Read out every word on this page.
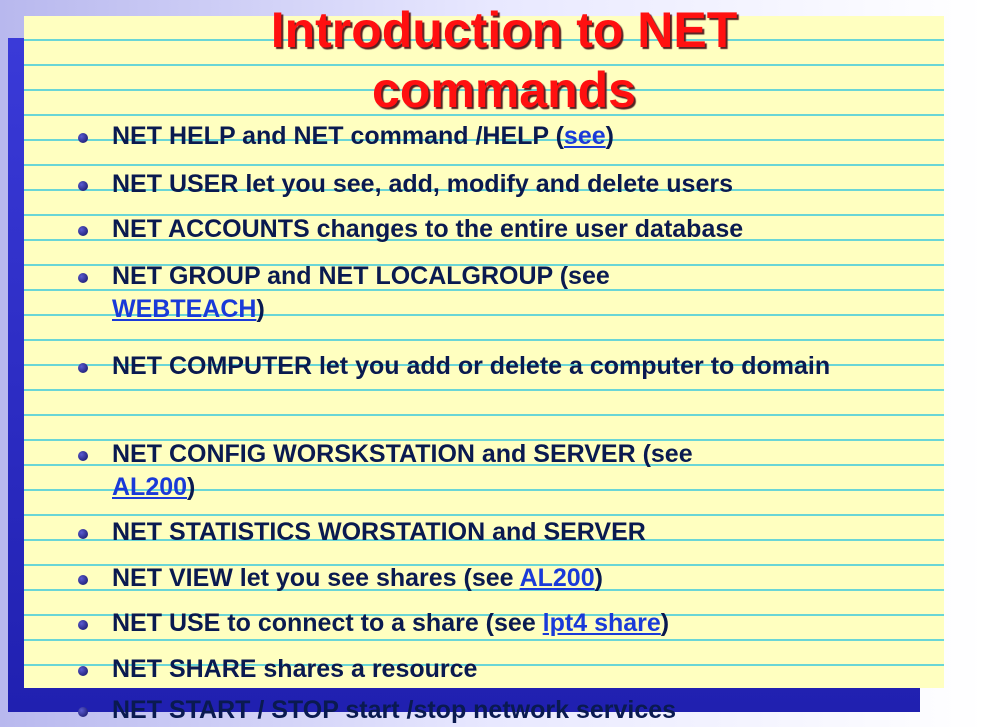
Introduction to NET
commands
NET HELP and NET command /HELP (see)
NET USER let you see, add, modify and delete users
NET ACCOUNTS changes to the entire user database
NET GROUP and NET LOCALGROUP (see
WEBTEACH)
NET COMPUTER let you add or delete a computer to domain
NET CONFIG WORSKSTATION and SERVER (see
AL200)
NET STATISTICS WORSTATION and SERVER
NET VIEW let you see shares (see AL200)
NET USE to connect to a share (see lpt4 share)
NET SHARE shares a resource
NET START / STOP start /stop network services
